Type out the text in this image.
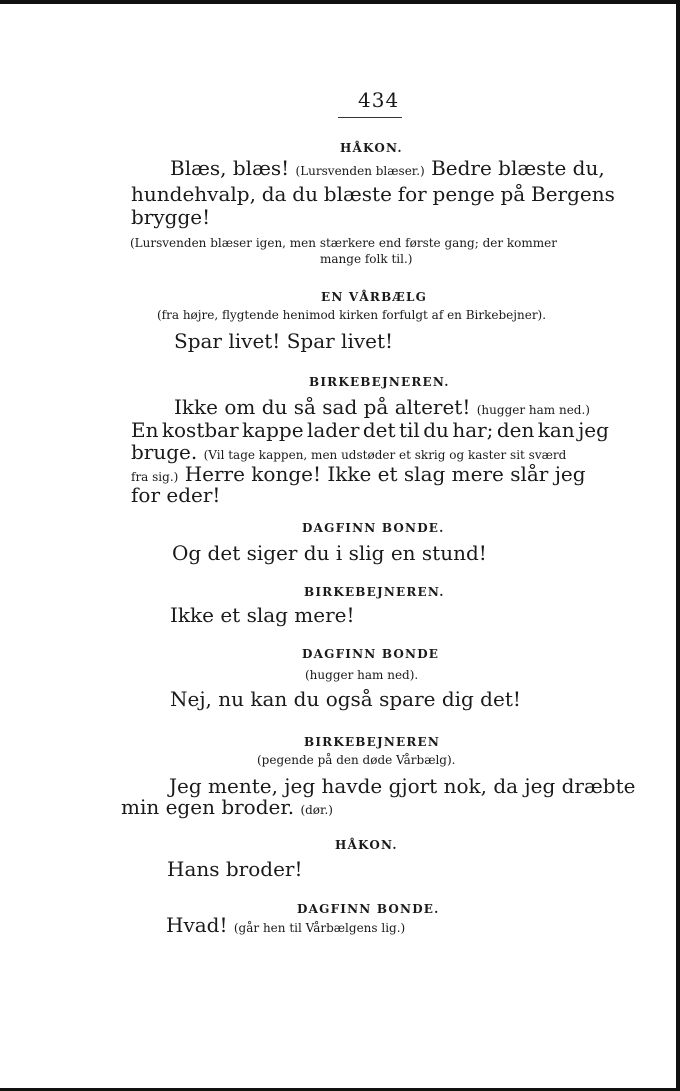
434

HÅKON.

Blæs, blæs! (Lursvenden blæser.) Bedre blæste du,

hundehvalp, da du blæste for penge på Bergens

brygge!

(Lursvenden blæser igen, men stærkere end første gang; der kommer

mange folk til.)

EN VÅRBÆLG

(fra højre, flygtende henimod kirken forfulgt af en Birkebejner).

Spar livet! Spar livet!

BIRKEBEJNEREN.

Ikke om du så sad på alteret! (hugger ham ned.)

En kostbar kappe lader det til du har; den kan jeg

bruge. (Vil tage kappen, men udstøder et skrig og kaster sit sværd

fra sig.) Herre konge! Ikke et slag mere slår jeg

for eder!

DAGFINN BONDE.

Og det siger du i slig en stund!

BIRKEBEJNEREN.

Ikke et slag mere!

DAGFINN BONDE

(hugger ham ned).

Nej, nu kan du også spare dig det!

BIRKEBEJNEREN

(pegende på den døde Vårbælg).

Jeg mente, jeg havde gjort nok, da jeg dræbte

min egen broder. (dør.)

HÅKON.

Hans broder!

DAGFINN BONDE.

Hvad! (går hen til Vårbælgens lig.)
